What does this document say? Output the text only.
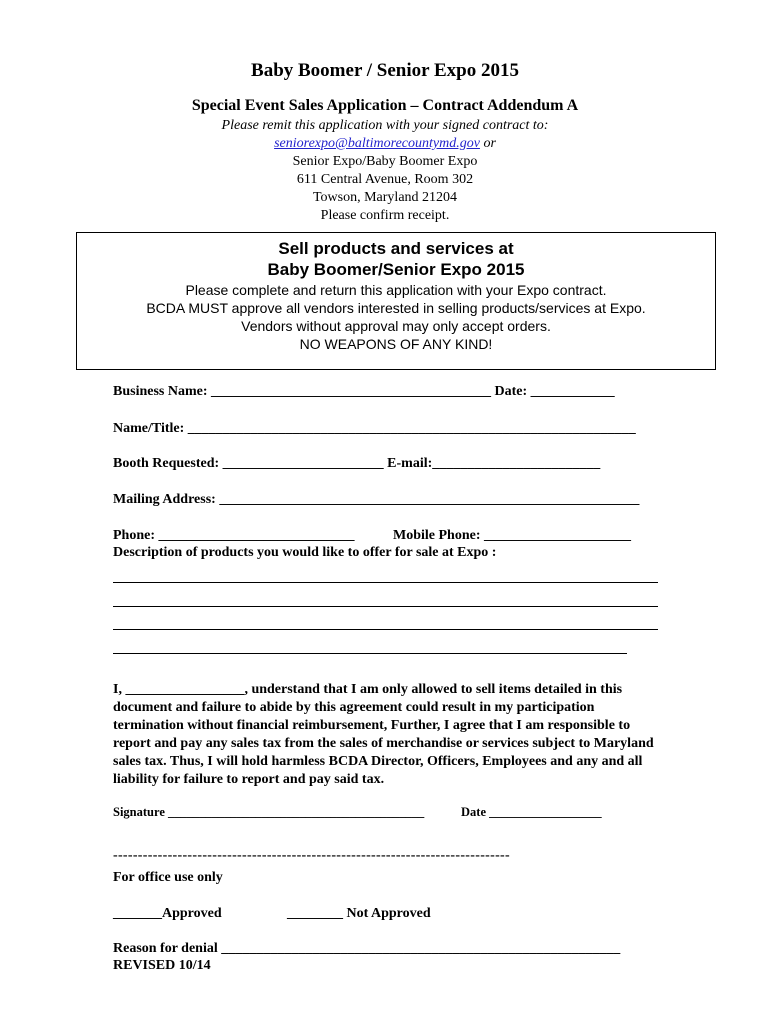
Baby Boomer / Senior Expo 2015
Special Event Sales Application – Contract Addendum A
Please remit this application with your signed contract to:
seniorexpo@baltimorecountymd.gov or
Senior Expo/Baby Boomer Expo
611 Central Avenue, Room 302
Towson, Maryland 21204
Please confirm receipt.
Sell products and services at
Baby Boomer/Senior Expo 2015
Please complete and return this application with your Expo contract.
BCDA MUST approve all vendors interested in selling products/services at Expo.
Vendors without approval may only accept orders.
NO WEAPONS OF ANY KIND!
Business Name: ________________________________________ Date: ____________
Name/Title: ________________________________________________________________
Booth Requested: _______________________ E-mail:________________________
Mailing Address: ____________________________________________________________
Phone: ____________________________	Mobile Phone: _____________________
Description of products you would like to offer for sale at Expo :
I, _________________, understand that I am only allowed to sell items detailed in this document and failure to abide by this agreement could result in my participation termination without financial reimbursement, Further, I agree that I am responsible to report and pay any sales tax from the sales of merchandise or services subject to Maryland sales tax. Thus, I will hold harmless BCDA Director, Officers, Employees and any and all liability for failure to report and pay said tax.
Signature _________________________________________	Date __________________
--------------------------------------------------------------------------------
For office use only
_______Approved	________ Not Approved
Reason for denial _________________________________________________________
REVISED 10/14
